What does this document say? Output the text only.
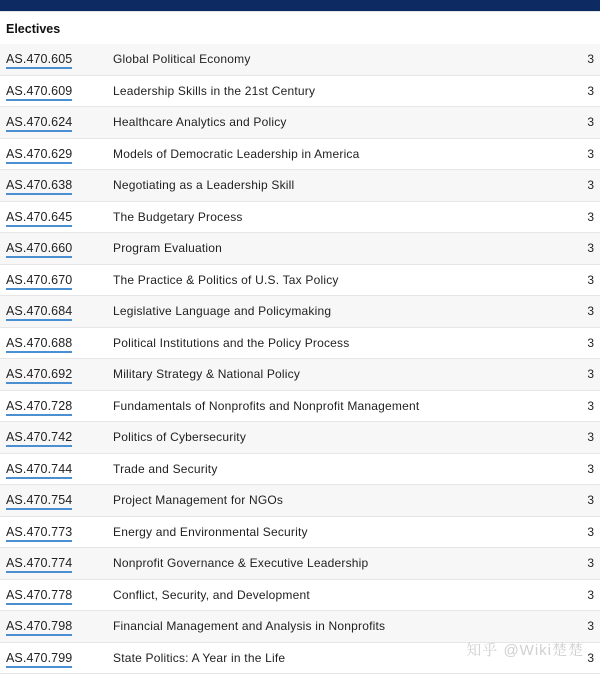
Electives
AS.470.605	Global Political Economy	3
AS.470.609	Leadership Skills in the 21st Century	3
AS.470.624	Healthcare Analytics and Policy	3
AS.470.629	Models of Democratic Leadership in America	3
AS.470.638	Negotiating as a Leadership Skill	3
AS.470.645	The Budgetary Process	3
AS.470.660	Program Evaluation	3
AS.470.670	The Practice & Politics of U.S. Tax Policy	3
AS.470.684	Legislative Language and Policymaking	3
AS.470.688	Political Institutions and the Policy Process	3
AS.470.692	Military Strategy & National Policy	3
AS.470.728	Fundamentals of Nonprofits and Nonprofit Management	3
AS.470.742	Politics of Cybersecurity	3
AS.470.744	Trade and Security	3
AS.470.754	Project Management for NGOs	3
AS.470.773	Energy and Environmental Security	3
AS.470.774	Nonprofit Governance & Executive Leadership	3
AS.470.778	Conflict, Security, and Development	3
AS.470.798	Financial Management and Analysis in Nonprofits	3
AS.470.799	State Politics: A Year in the Life	3
知乎 @Wiki楚楚
